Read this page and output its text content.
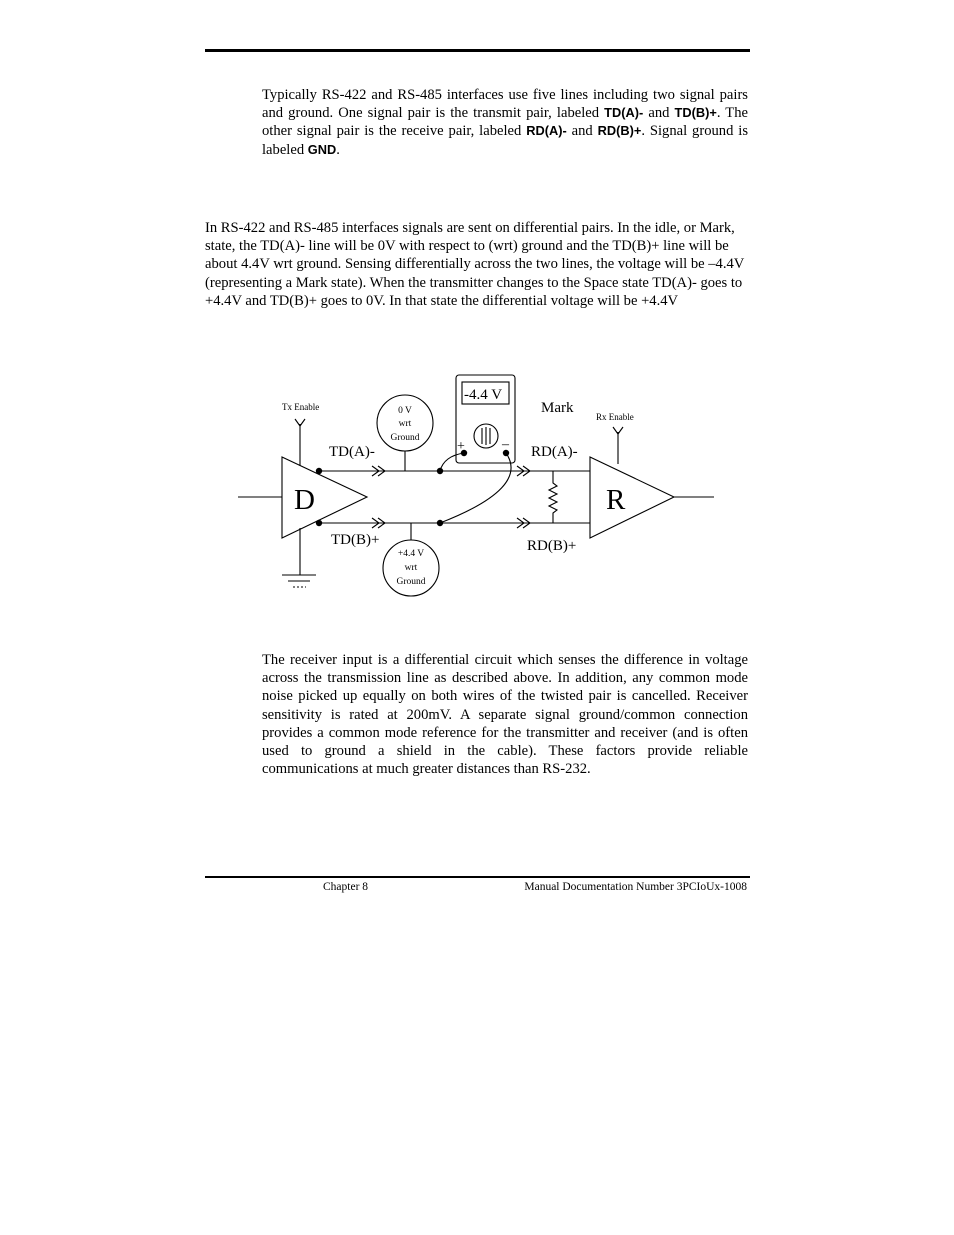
Typically RS-422 and RS-485 interfaces use five lines including two signal pairs and ground. One signal pair is the transmit pair, labeled TD(A)- and TD(B)+. The other signal pair is the receive pair, labeled RD(A)- and RD(B)+. Signal ground is labeled GND.

In RS-422 and RS-485 interfaces signals are sent on differential pairs. In the idle, or Mark, state, the TD(A)- line will be 0V with respect to (wrt) ground and the TD(B)+ line will be about 4.4V wrt ground. Sensing differentially across the two lines, the voltage will be –4.4V (representing a Mark state). When the transmitter changes to the Space state TD(A)- goes to +4.4V and TD(B)+ goes to 0V. In that state the differential voltage will be +4.4V

Tx Enable
Rx Enable
D	R
TD(A)-
TD(B)+
RD(A)-
RD(B)+
-4.4 V
+	–
Mark
0 V
wrt
Ground
+4.4 V
wrt
Ground

The receiver input is a differential circuit which senses the difference in voltage across the transmission line as described above. In addition, any common mode noise picked up equally on both wires of the twisted pair is cancelled. Receiver sensitivity is rated at 200mV. A separate signal ground/common connection provides a common mode reference for the transmitter and receiver (and is often used to ground a shield in the cable). These factors provide reliable communications at much greater distances than RS-232.

Chapter 8	Manual Documentation Number 3PCIoUx-1008
